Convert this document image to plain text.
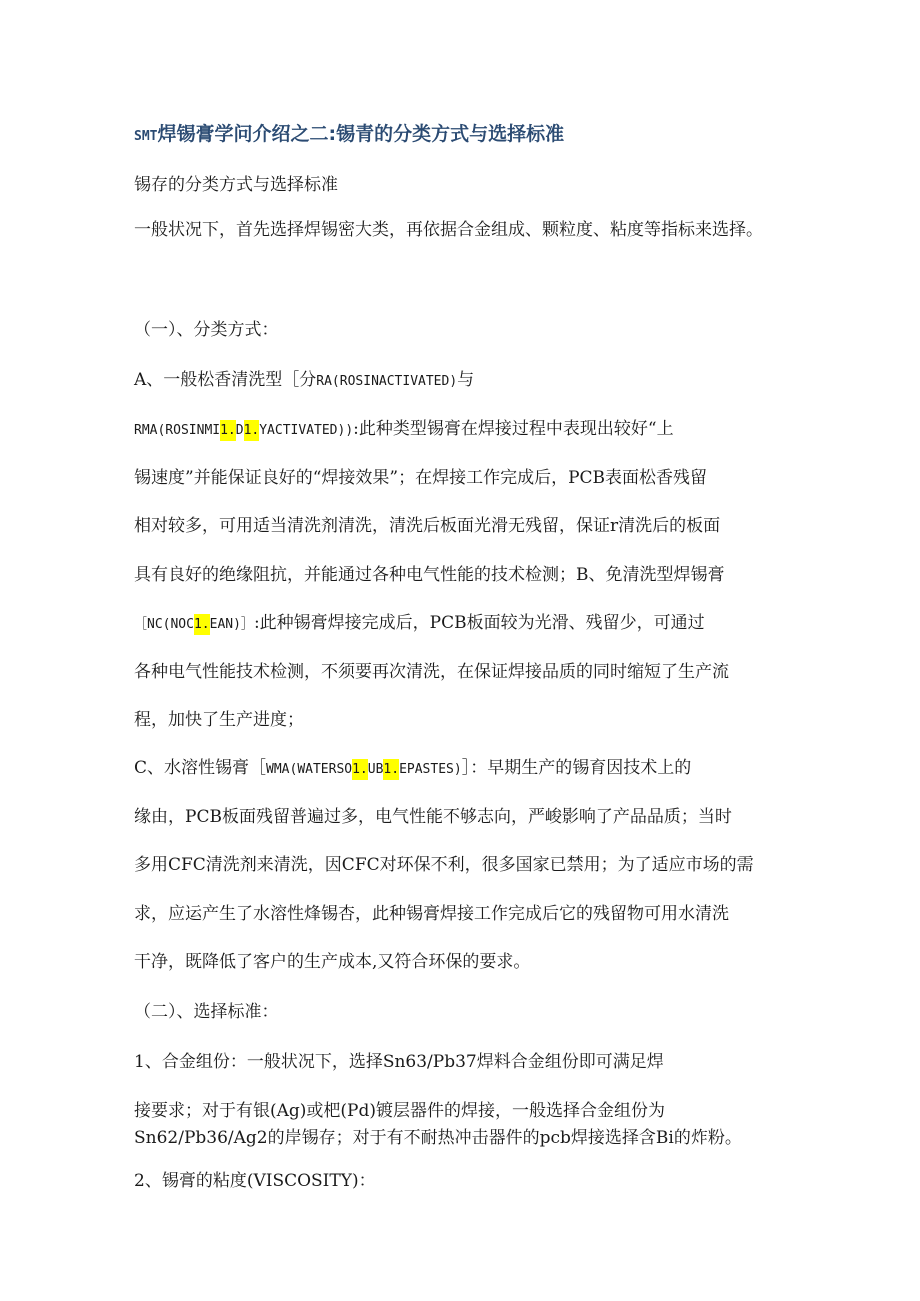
SMT焊锡膏学问介绍之二:锡青的分类方式与选择标准

锡存的分类方式与选择标准

一般状况下，首先选择焊锡密大类，再依据合金组成、颗粒度、粘度等指标来选择。

（一）、分类方式：

A、一般松香清洗型［分RA(ROSINACTIVATED)与

RMA(ROSINMI1.D1.YACTIVATED)):此种类型锡膏在焊接过程中表现出较好“上

锡速度”并能保证良好的“焊接效果”；在焊接工作完成后，PCB表面松香残留

相对较多，可用适当清洗剂清洗，清洗后板面光滑无残留，保证r清洗后的板面

具有良好的绝缘阻抗，并能通过各种电气性能的技术检测；B、免清洗型焊锡膏

［NC(NOC1.EAN)］:此种锡膏焊接完成后，PCB板面较为光滑、残留少，可通过

各种电气性能技术检测，不须要再次清洗，在保证焊接品质的同时缩短了生产流

程，加快了生产进度；

C、水溶性锡膏［WMA(WATERSO1.UB1.EPASTES)］：早期生产的锡育因技术上的

缘由，PCB板面残留普遍过多，电气性能不够志向，严峻影响了产品品质；当时

多用CFC清洗剂来清洗，因CFC对环保不利，很多国家已禁用；为了适应市场的需

求，应运产生了水溶性烽锡杏，此种锡膏焊接工作完成后它的残留物可用水清洗

干净，既降低了客户的生产成本,又符合环保的要求。

（二）、选择标准：

1、合金组份：一般状况下，选择Sn63∕Pb37焊料合金组份即可满足焊

接要求；对于有银(Ag)或杷(Pd)镀层器件的焊接，一般选择合金组份为

Sn62∕Pb36∕Ag2的岸锡存；对于有不耐热冲击器件的pcb焊接选择含Bi的炸粉。

2、锡膏的粘度(VISCOSITY)：
